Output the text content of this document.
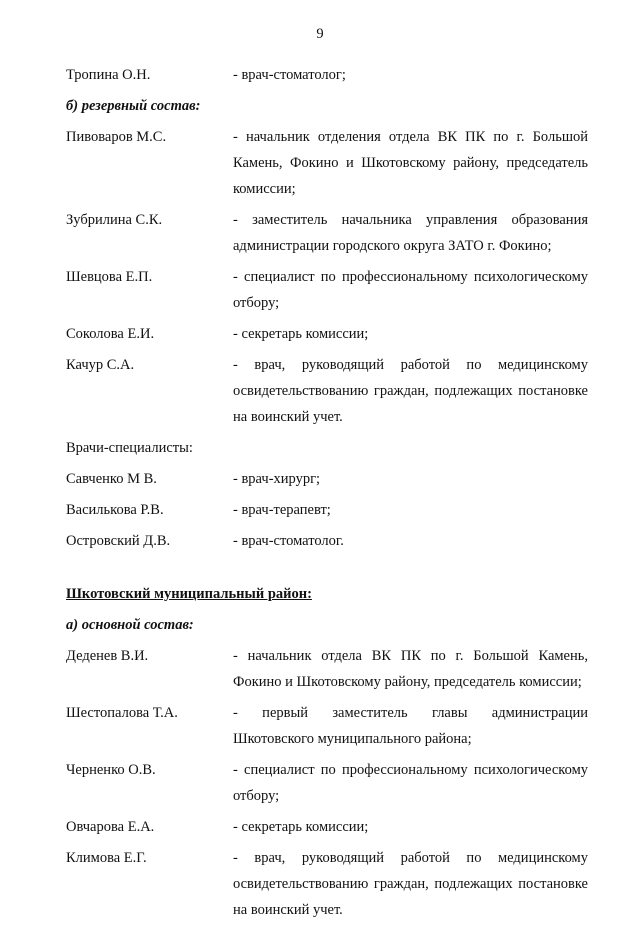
9
Тропина О.Н.	- врач-стоматолог;
б) резервный состав:
Пивоваров М.С.	- начальник отделения отдела ВК ПК по г. Большой Камень, Фокино и Шкотовскому району, председатель комиссии;
Зубрилина С.К.	- заместитель начальника управления образования администрации городского округа ЗАТО г. Фокино;
Шевцова Е.П.	- специалист по профессиональному психологическому отбору;
Соколова Е.И.	- секретарь комиссии;
Качур С.А.	- врач, руководящий работой по медицинскому освидетельствованию граждан, подлежащих постановке на воинский учет.
Врачи-специалисты:
Савченко М В.	- врач-хирург;
Василькова Р.В.	- врач-терапевт;
Островский Д.В.	- врач-стоматолог.
Шкотовский муниципальный район:
а) основной состав:
Деденев В.И.	- начальник отдела ВК ПК по г. Большой Камень, Фокино и Шкотовскому району, председатель комиссии;
Шестопалова Т.А.	- первый заместитель главы администрации Шкотовского муниципального района;
Черненко О.В.	- специалист по профессиональному психологическому отбору;
Овчарова Е.А.	- секретарь комиссии;
Климова Е.Г.	- врач, руководящий работой по медицинскому освидетельствованию граждан, подлежащих постановке на воинский учет.
